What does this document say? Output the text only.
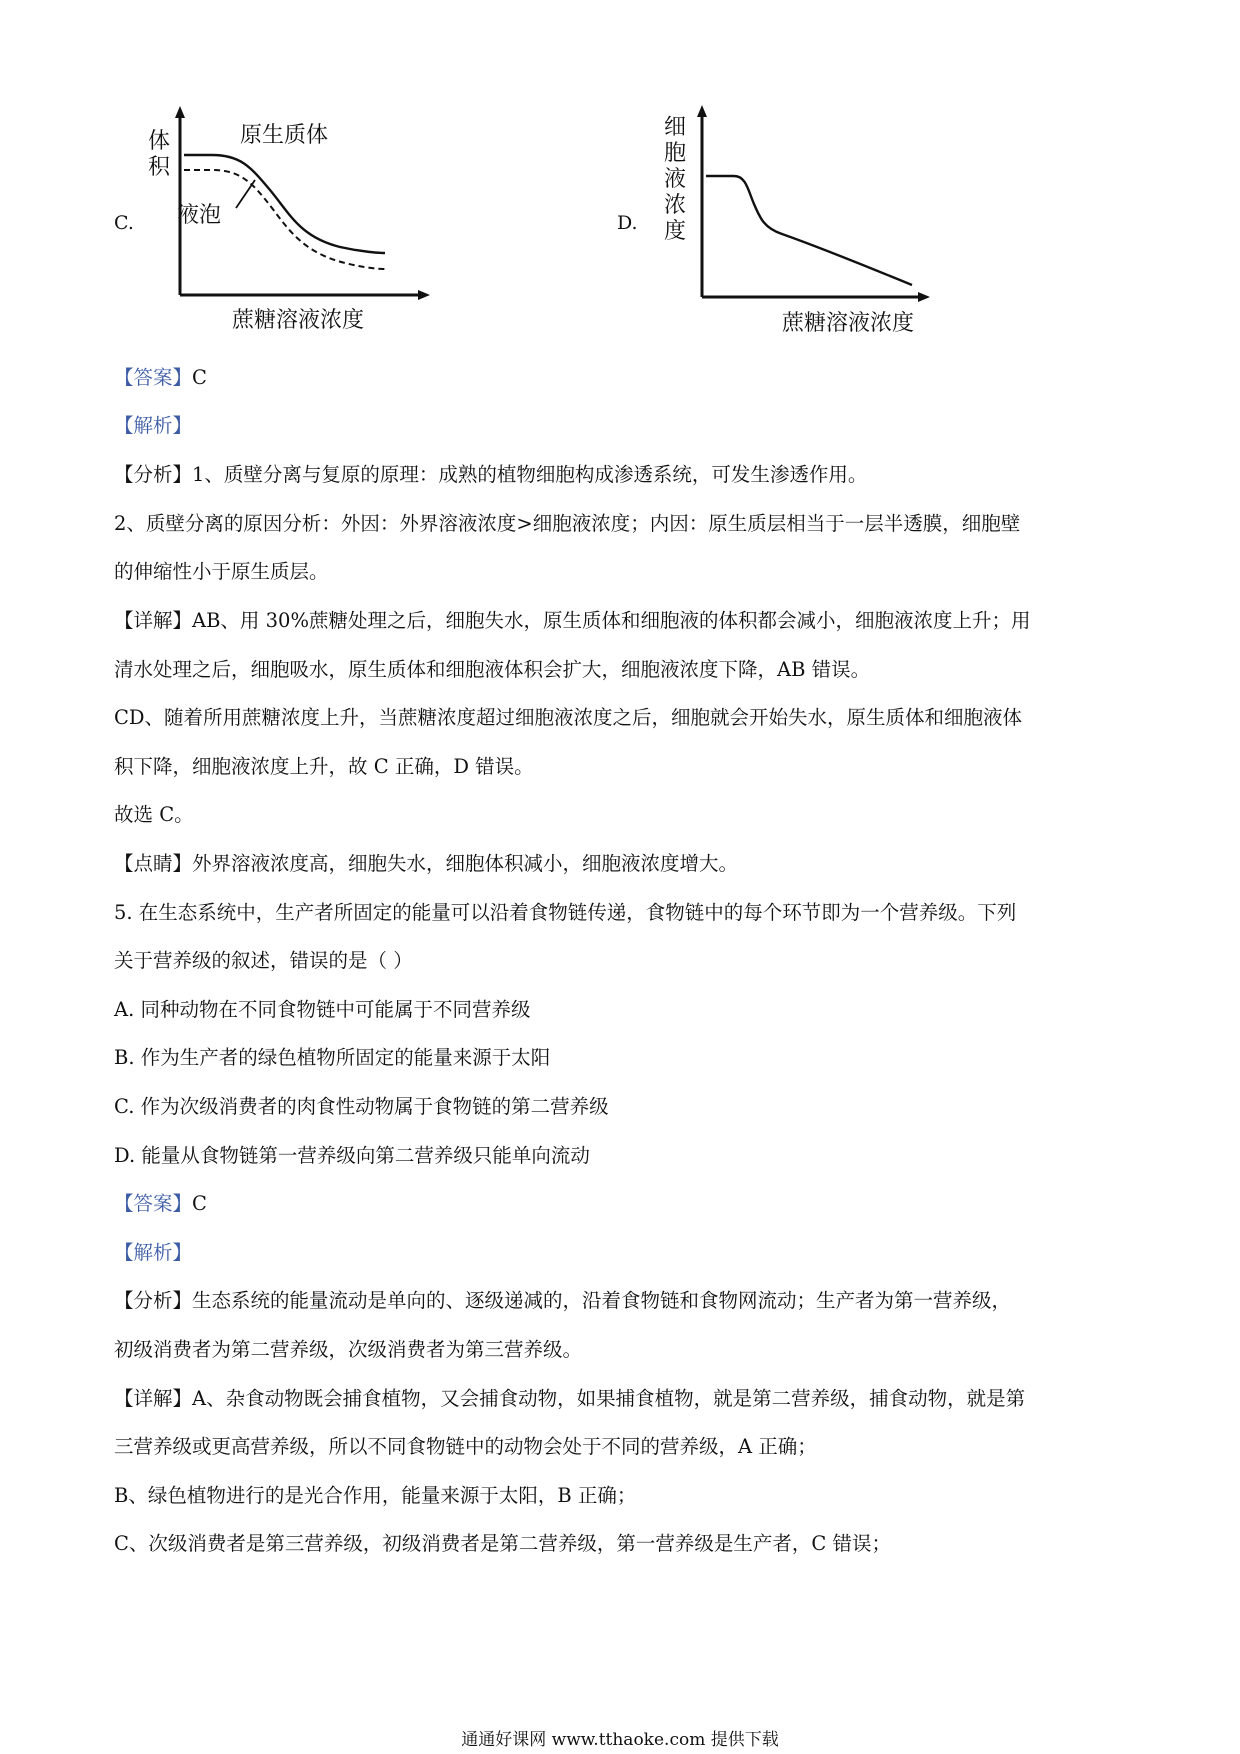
C.
体
积
原生质体
液泡
蔗糖溶液浓度
D.
细
胞
液
浓
度
蔗糖溶液浓度
【答案】C
【解析】
【分析】1、质壁分离与复原的原理：成熟的植物细胞构成渗透系统，可发生渗透作用。
2、质壁分离的原因分析：外因：外界溶液浓度>细胞液浓度；内因：原生质层相当于一层半透膜，细胞壁
的伸缩性小于原生质层。
【详解】AB、用 30%蔗糖处理之后，细胞失水，原生质体和细胞液的体积都会减小，细胞液浓度上升；用
清水处理之后，细胞吸水，原生质体和细胞液体积会扩大，细胞液浓度下降，AB 错误。
CD、随着所用蔗糖浓度上升，当蔗糖浓度超过细胞液浓度之后，细胞就会开始失水，原生质体和细胞液体
积下降，细胞液浓度上升，故 C 正确，D 错误。
故选 C。
【点睛】外界溶液浓度高，细胞失水，细胞体积减小，细胞液浓度增大。
5. 在生态系统中，生产者所固定的能量可以沿着食物链传递，食物链中的每个环节即为一个营养级。下列
关于营养级的叙述，错误的是（ ）
A. 同种动物在不同食物链中可能属于不同营养级
B. 作为生产者的绿色植物所固定的能量来源于太阳
C. 作为次级消费者的肉食性动物属于食物链的第二营养级
D. 能量从食物链第一营养级向第二营养级只能单向流动
【答案】C
【解析】
【分析】生态系统的能量流动是单向的、逐级递减的，沿着食物链和食物网流动；生产者为第一营养级，
初级消费者为第二营养级，次级消费者为第三营养级。
【详解】A、杂食动物既会捕食植物，又会捕食动物，如果捕食植物，就是第二营养级，捕食动物，就是第
三营养级或更高营养级，所以不同食物链中的动物会处于不同的营养级，A 正确；
B、绿色植物进行的是光合作用，能量来源于太阳，B 正确；
C、次级消费者是第三营养级，初级消费者是第二营养级，第一营养级是生产者，C 错误；
通通好课网 www.tthaoke.com 提供下载
